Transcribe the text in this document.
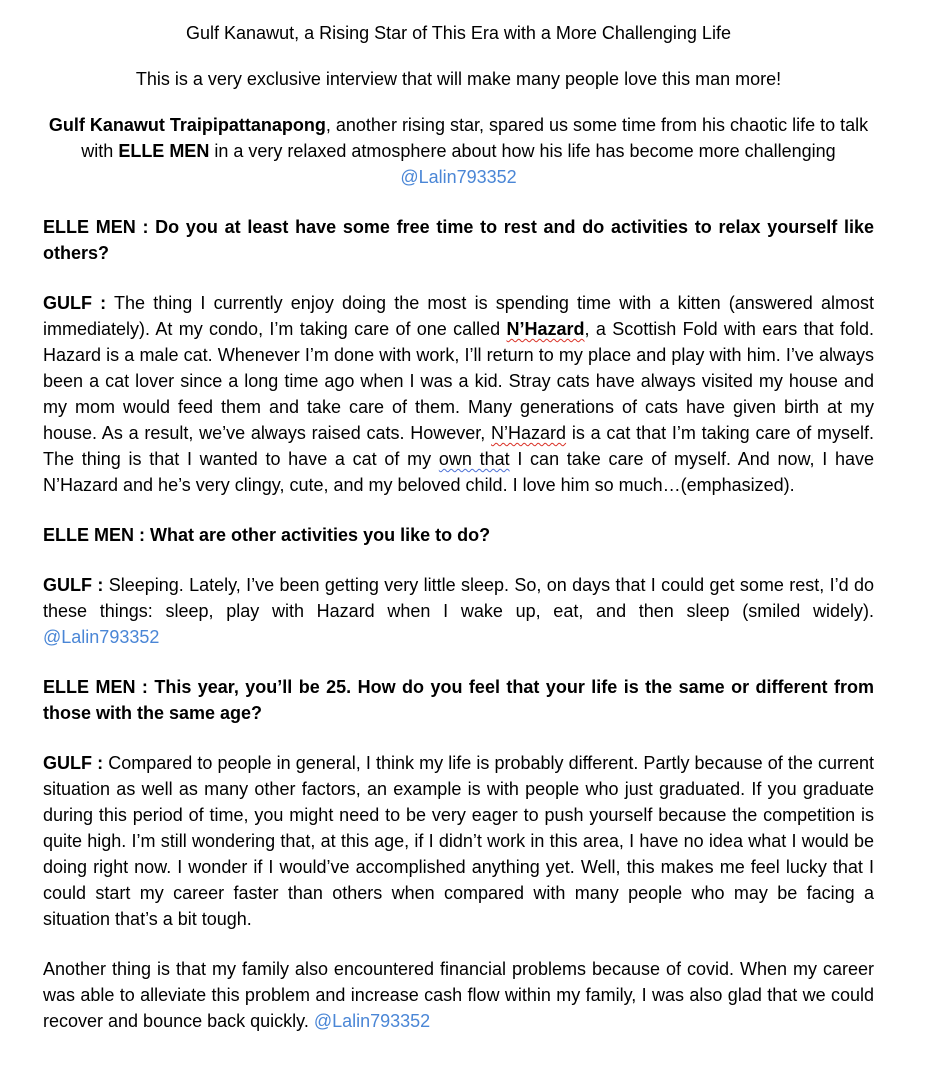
Gulf Kanawut, a Rising Star of This Era with a More Challenging Life

This is a very exclusive interview that will make many people love this man more!

Gulf Kanawut Traipipattanapong, another rising star, spared us some time from his chaotic life to talk with ELLE MEN in a very relaxed atmosphere about how his life has become more challenging @Lalin793352

ELLE MEN : Do you at least have some free time to rest and do activities to relax yourself like others?

GULF : The thing I currently enjoy doing the most is spending time with a kitten (answered almost immediately). At my condo, I’m taking care of one called N’Hazard, a Scottish Fold with ears that fold. Hazard is a male cat. Whenever I’m done with work, I’ll return to my place and play with him. I’ve always been a cat lover since a long time ago when I was a kid. Stray cats have always visited my house and my mom would feed them and take care of them. Many generations of cats have given birth at my house. As a result, we’ve always raised cats. However, N’Hazard is a cat that I’m taking care of myself. The thing is that I wanted to have a cat of my own that I can take care of myself. And now, I have N’Hazard and he’s very clingy, cute, and my beloved child. I love him so much…(emphasized).

ELLE MEN : What are other activities you like to do?

GULF : Sleeping. Lately, I’ve been getting very little sleep. So, on days that I could get some rest, I’d do these things: sleep, play with Hazard when I wake up, eat, and then sleep (smiled widely). @Lalin793352

ELLE MEN : This year, you’ll be 25. How do you feel that your life is the same or different from those with the same age?

GULF : Compared to people in general, I think my life is probably different. Partly because of the current situation as well as many other factors, an example is with people who just graduated. If you graduate during this period of time, you might need to be very eager to push yourself because the competition is quite high. I’m still wondering that, at this age, if I didn’t work in this area, I have no idea what I would be doing right now. I wonder if I would’ve accomplished anything yet. Well, this makes me feel lucky that I could start my career faster than others when compared with many people who may be facing a situation that’s a bit tough.

Another thing is that my family also encountered financial problems because of covid. When my career was able to alleviate this problem and increase cash flow within my family, I was also glad that we could recover and bounce back quickly. @Lalin793352
